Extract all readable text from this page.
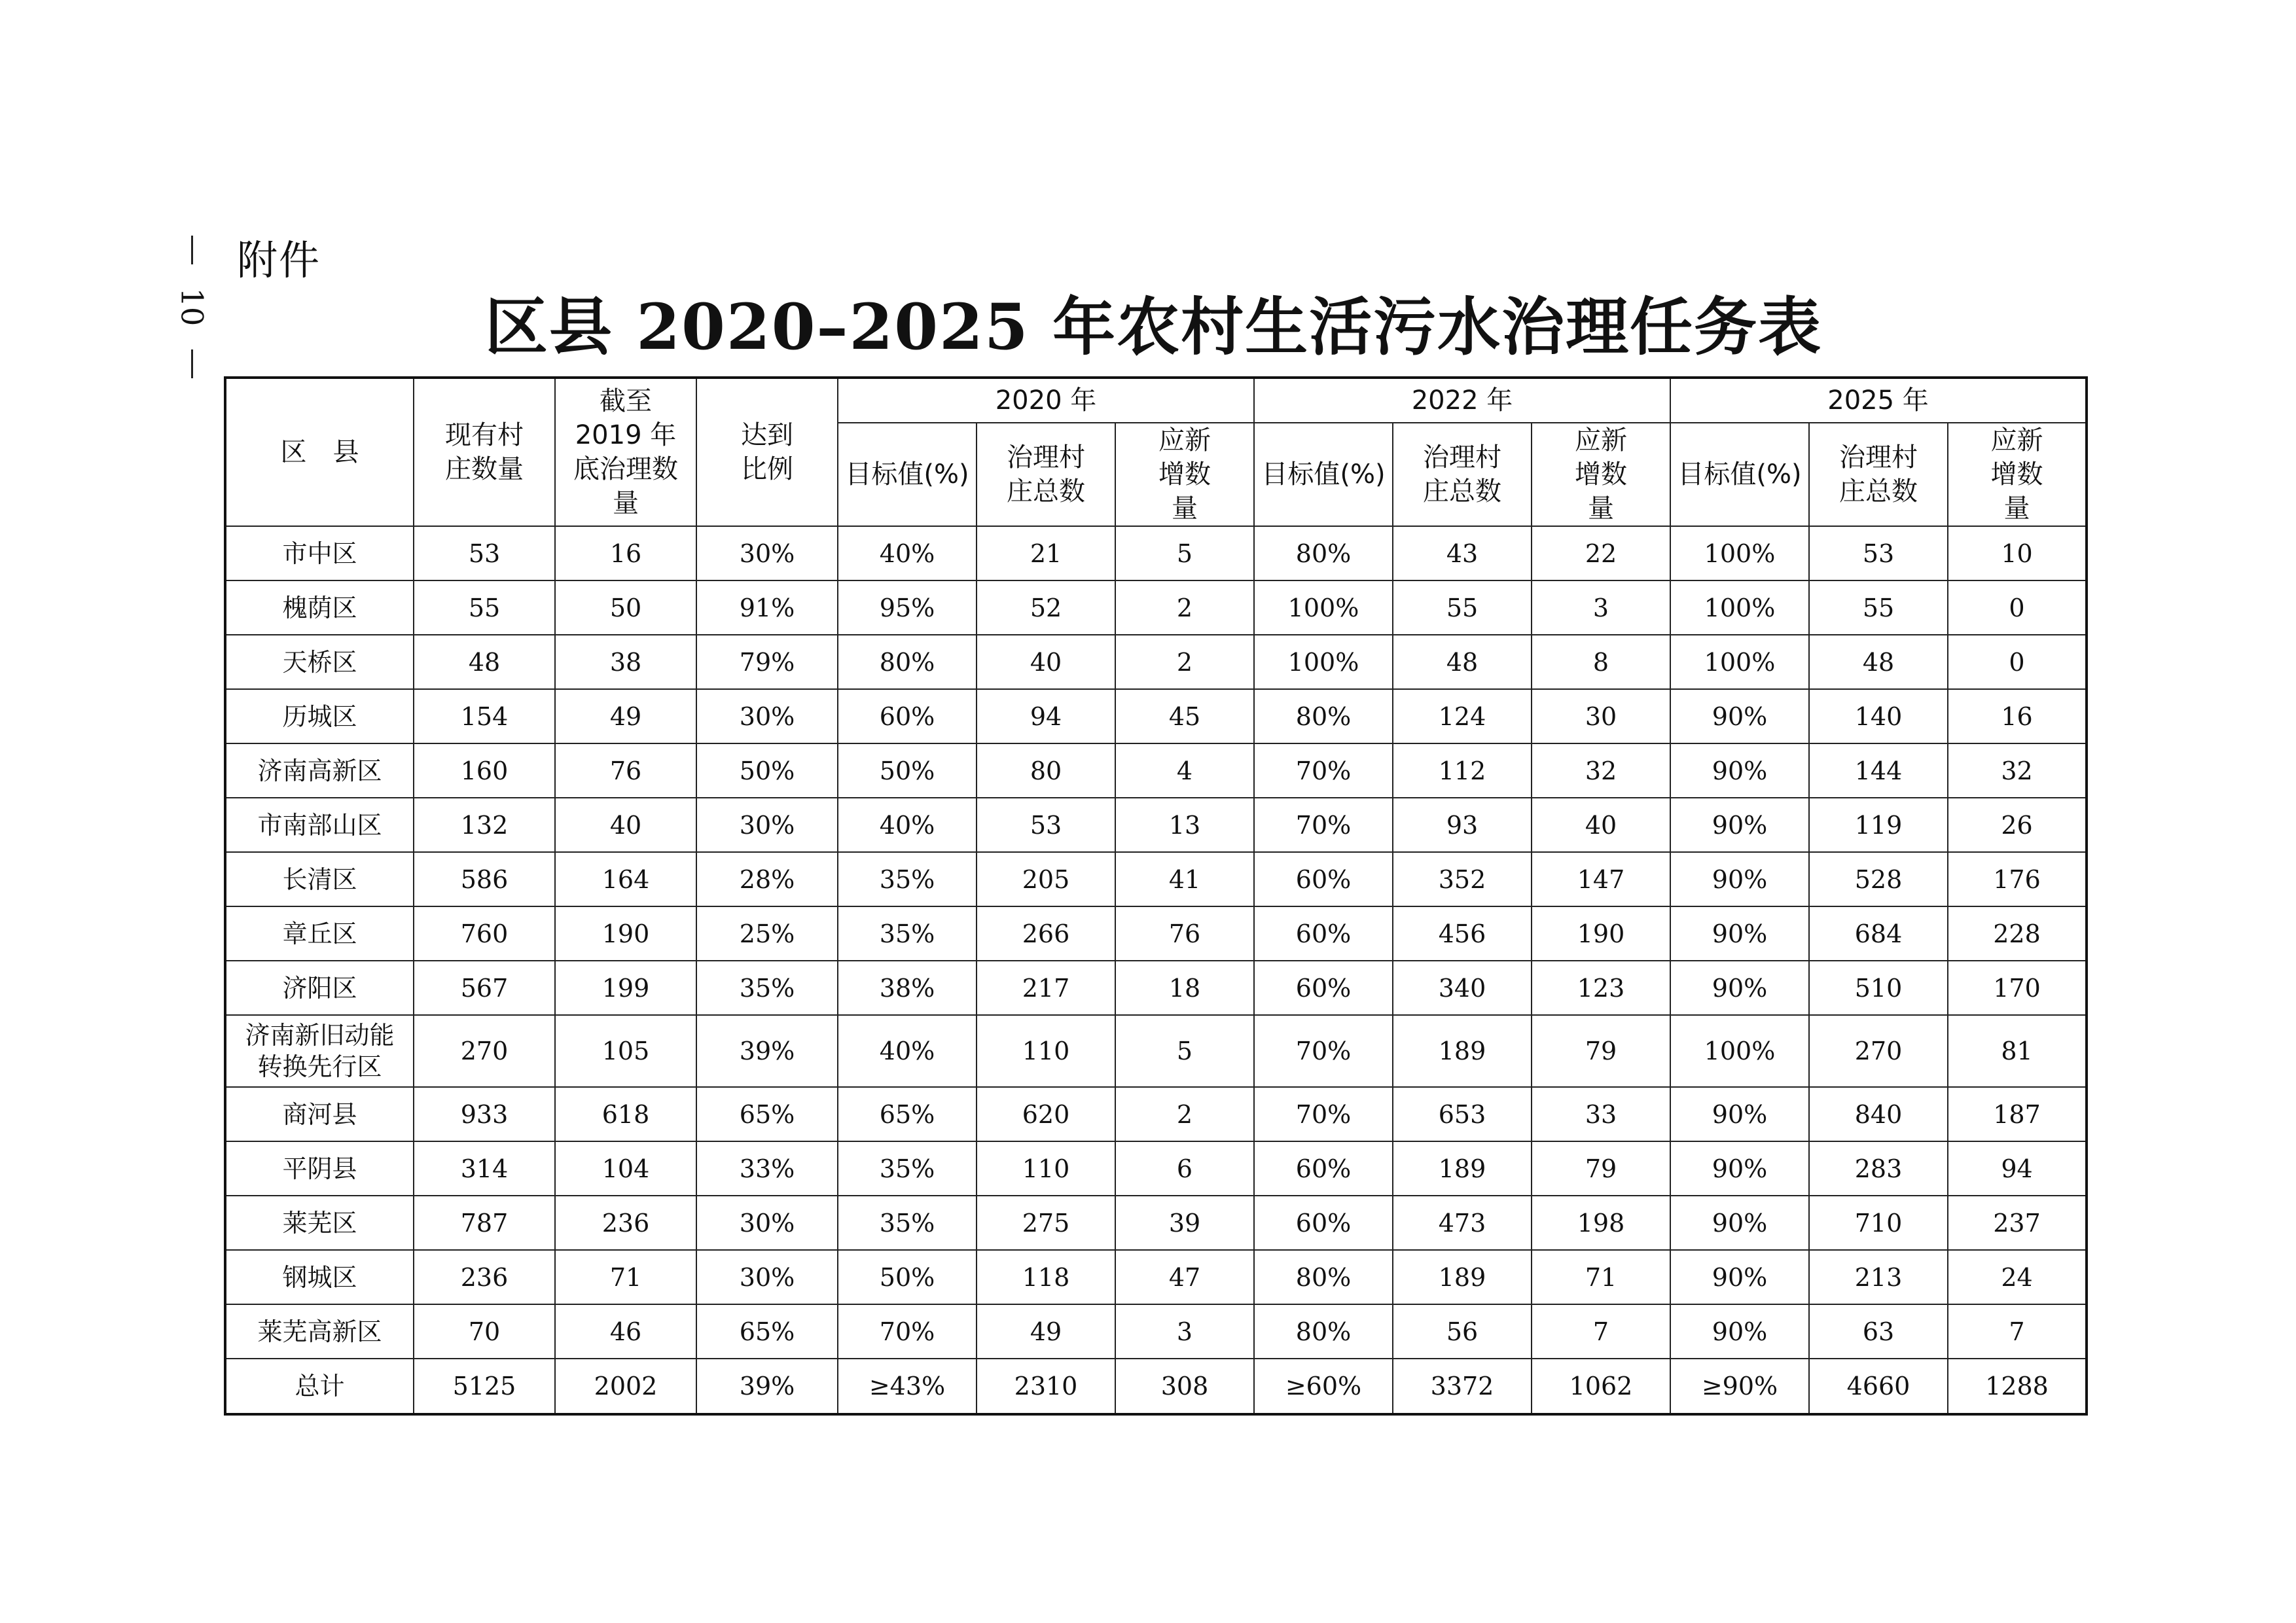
10
附件
区县 2020–2025 年农村生活污水治理任务表
区　县	现有村庄数量	截至 2019 年底治理数量	达到比例	2020 年			2022 年			2025 年		
				目标值(%)	治理村庄总数	应新增数量	目标值(%)	治理村庄总数	应新增数量	目标值(%)	治理村庄总数	应新增数量
市中区	53	16	30%	40%	21	5	80%	43	22	100%	53	10
槐荫区	55	50	91%	95%	52	2	100%	55	3	100%	55	0
天桥区	48	38	79%	80%	40	2	100%	48	8	100%	48	0
历城区	154	49	30%	60%	94	45	80%	124	30	90%	140	16
济南高新区	160	76	50%	50%	80	4	70%	112	32	90%	144	32
市南部山区	132	40	30%	40%	53	13	70%	93	40	90%	119	26
长清区	586	164	28%	35%	205	41	60%	352	147	90%	528	176
章丘区	760	190	25%	35%	266	76	60%	456	190	90%	684	228
济阳区	567	199	35%	38%	217	18	60%	340	123	90%	510	170
济南新旧动能转换先行区	270	105	39%	40%	110	5	70%	189	79	100%	270	81
商河县	933	618	65%	65%	620	2	70%	653	33	90%	840	187
平阴县	314	104	33%	35%	110	6	60%	189	79	90%	283	94
莱芜区	787	236	30%	35%	275	39	60%	473	198	90%	710	237
钢城区	236	71	30%	50%	118	47	80%	189	71	90%	213	24
莱芜高新区	70	46	65%	70%	49	3	80%	56	7	90%	63	7
总计	5125	2002	39%	≥43%	2310	308	≥60%	3372	1062	≥90%	4660	1288
